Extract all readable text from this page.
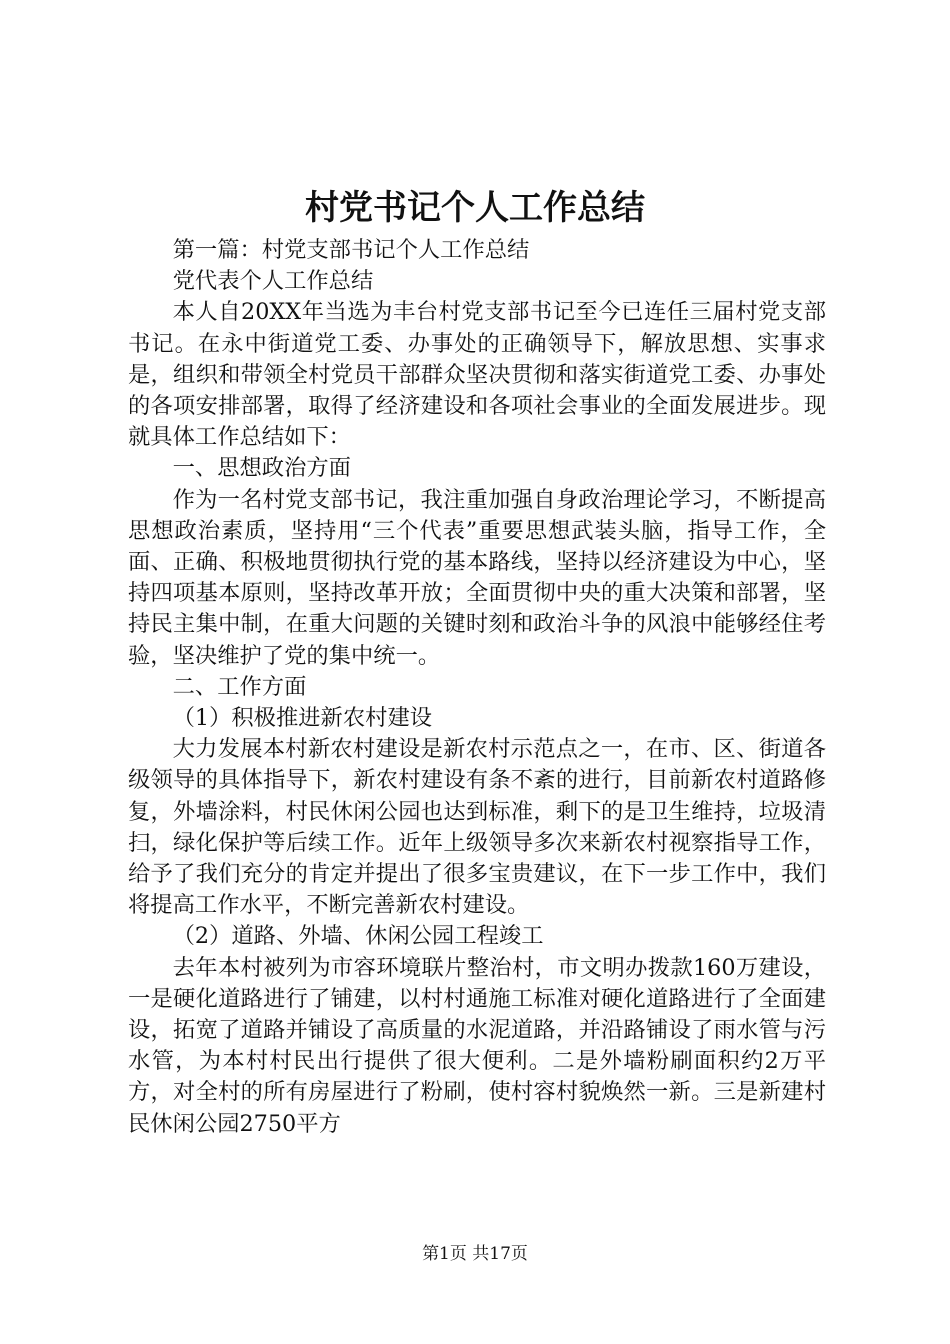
村党书记个人工作总结

第一篇：村党支部书记个人工作总结

党代表个人工作总结

本人自20XX年当选为丰台村党支部书记至今已连任三届村党支部书记。在永中街道党工委、办事处的正确领导下，解放思想、实事求是，组织和带领全村党员干部群众坚决贯彻和落实街道党工委、办事处的各项安排部署，取得了经济建设和各项社会事业的全面发展进步。现就具体工作总结如下：

一、思想政治方面

作为一名村党支部书记，我注重加强自身政治理论学习，不断提高思想政治素质，坚持用“三个代表”重要思想武装头脑，指导工作，全面、正确、积极地贯彻执行党的基本路线，坚持以经济建设为中心，坚持四项基本原则，坚持改革开放；全面贯彻中央的重大决策和部署，坚持民主集中制，在重大问题的关键时刻和政治斗争的风浪中能够经住考验，坚决维护了党的集中统一。

二、工作方面

（1）积极推进新农村建设

大力发展本村新农村建设是新农村示范点之一，在市、区、街道各级领导的具体指导下，新农村建设有条不紊的进行，目前新农村道路修复，外墙涂料，村民休闲公园也达到标准，剩下的是卫生维持，垃圾清扫，绿化保护等后续工作。近年上级领导多次来新农村视察指导工作，给予了我们充分的肯定并提出了很多宝贵建议，在下一步工作中，我们将提高工作水平，不断完善新农村建设。

（2）道路、外墙、休闲公园工程竣工

去年本村被列为市容环境联片整治村，市文明办拨款160万建设，一是硬化道路进行了铺建，以村村通施工标准对硬化道路进行了全面建设，拓宽了道路并铺设了高质量的水泥道路，并沿路铺设了雨水管与污水管，为本村村民出行提供了很大便利。二是外墙粉刷面积约2万平方，对全村的所有房屋进行了粉刷，使村容村貌焕然一新。三是新建村民休闲公园2750平方

第1页 共17页
